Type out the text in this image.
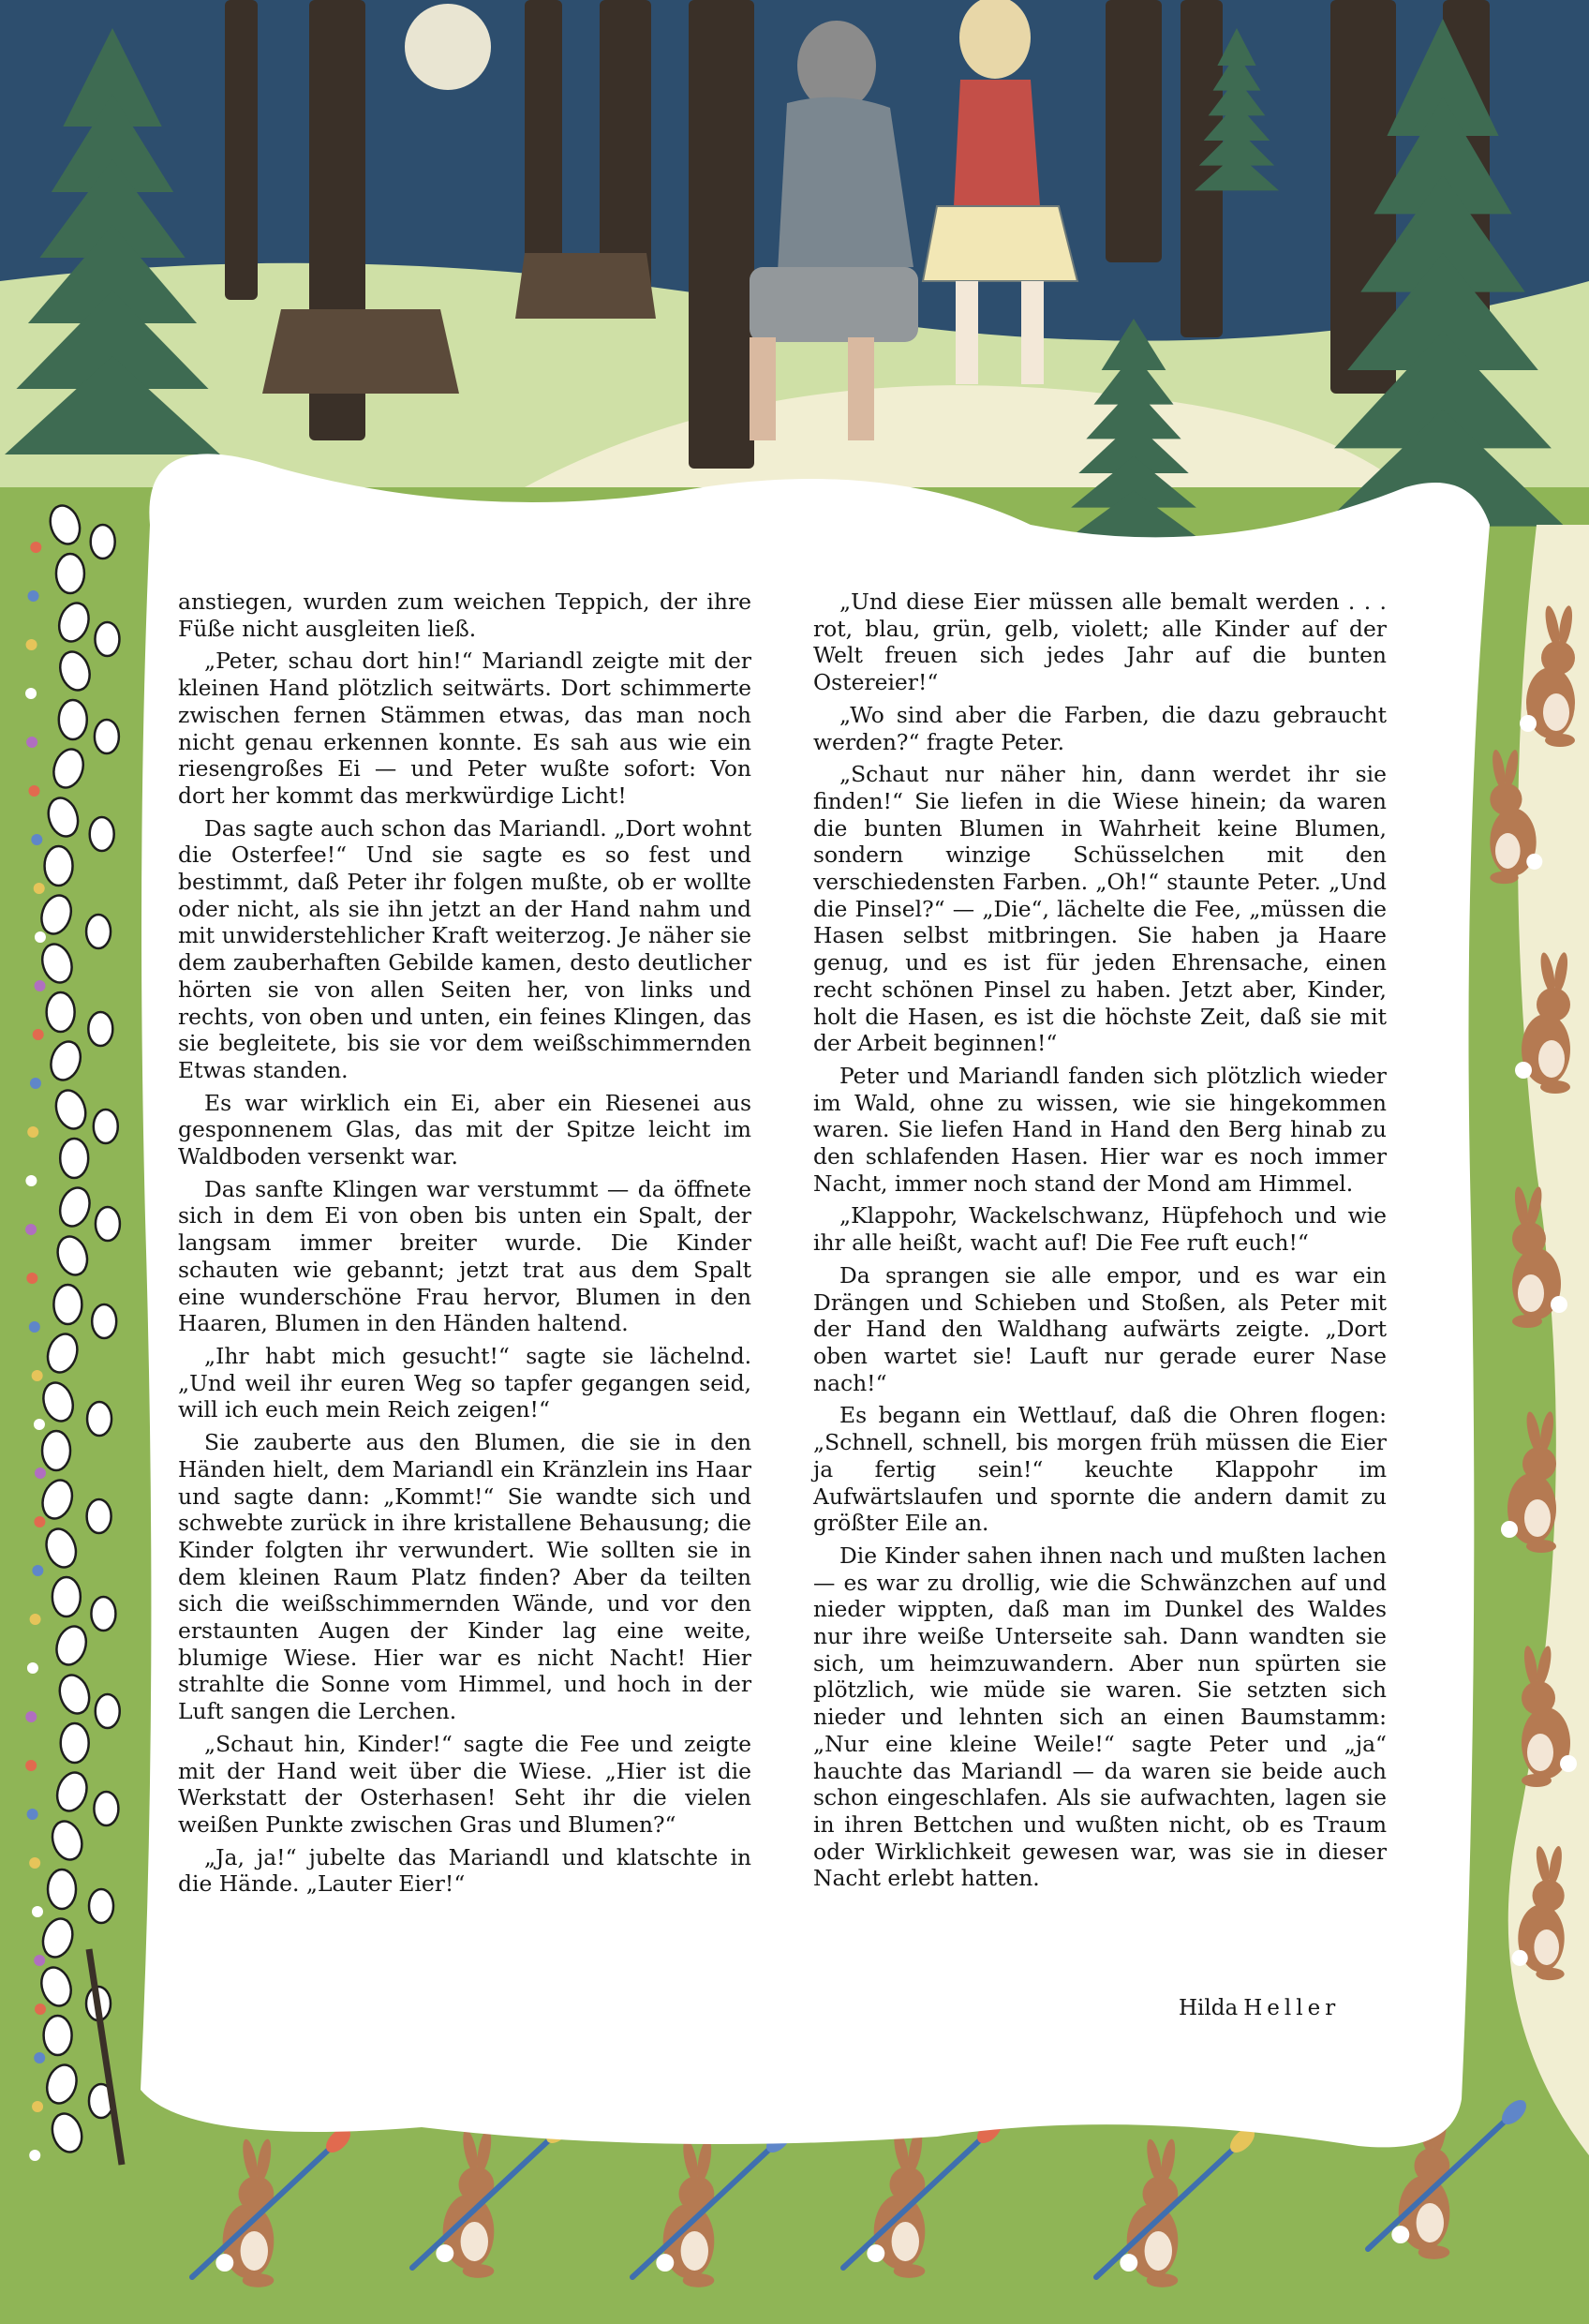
anstiegen, wurden zum weichen Teppich, der ihre Füße nicht ausgleiten ließ.

„Peter, schau dort hin!“ Mariandl zeigte mit der kleinen Hand plötzlich seitwärts. Dort schimmerte zwischen fernen Stämmen etwas, das man noch nicht genau erkennen konnte. Es sah aus wie ein riesengroßes Ei — und Peter wußte sofort: Von dort her kommt das merkwürdige Licht!

Das sagte auch schon das Mariandl. „Dort wohnt die Osterfee!“ Und sie sagte es so fest und bestimmt, daß Peter ihr folgen mußte, ob er wollte oder nicht, als sie ihn jetzt an der Hand nahm und mit unwiderstehlicher Kraft weiterzog. Je näher sie dem zauberhaften Gebilde kamen, desto deutlicher hörten sie von allen Seiten her, von links und rechts, von oben und unten, ein feines Klingen, das sie begleitete, bis sie vor dem weißschimmernden Etwas standen.

Es war wirklich ein Ei, aber ein Riesenei aus gesponnenem Glas, das mit der Spitze leicht im Waldboden versenkt war.

Das sanfte Klingen war verstummt — da öffnete sich in dem Ei von oben bis unten ein Spalt, der langsam immer breiter wurde. Die Kinder schauten wie gebannt; jetzt trat aus dem Spalt eine wunderschöne Frau hervor, Blumen in den Haaren, Blumen in den Händen haltend.

„Ihr habt mich gesucht!“ sagte sie lächelnd. „Und weil ihr euren Weg so tapfer gegangen seid, will ich euch mein Reich zeigen!“

Sie zauberte aus den Blumen, die sie in den Händen hielt, dem Mariandl ein Kränzlein ins Haar und sagte dann: „Kommt!“ Sie wandte sich und schwebte zurück in ihre kristallene Behausung; die Kinder folgten ihr verwundert. Wie sollten sie in dem kleinen Raum Platz finden? Aber da teilten sich die weißschimmernden Wände, und vor den erstaunten Augen der Kinder lag eine weite, blumige Wiese. Hier war es nicht Nacht! Hier strahlte die Sonne vom Himmel, und hoch in der Luft sangen die Lerchen.

„Schaut hin, Kinder!“ sagte die Fee und zeigte mit der Hand weit über die Wiese. „Hier ist die Werkstatt der Osterhasen! Seht ihr die vielen weißen Punkte zwischen Gras und Blumen?“

„Ja, ja!“ jubelte das Mariandl und klatschte in die Hände. „Lauter Eier!“

„Und diese Eier müssen alle bemalt werden . . . rot, blau, grün, gelb, violett; alle Kinder auf der Welt freuen sich jedes Jahr auf die bunten Ostereier!“

„Wo sind aber die Farben, die dazu gebraucht werden?“ fragte Peter.

„Schaut nur näher hin, dann werdet ihr sie finden!“ Sie liefen in die Wiese hinein; da waren die bunten Blumen in Wahrheit keine Blumen, sondern winzige Schüsselchen mit den verschiedensten Farben. „Oh!“ staunte Peter. „Und die Pinsel?“ — „Die“, lächelte die Fee, „müssen die Hasen selbst mitbringen. Sie haben ja Haare genug, und es ist für jeden Ehrensache, einen recht schönen Pinsel zu haben. Jetzt aber, Kinder, holt die Hasen, es ist die höchste Zeit, daß sie mit der Arbeit beginnen!“

Peter und Mariandl fanden sich plötzlich wieder im Wald, ohne zu wissen, wie sie hingekommen waren. Sie liefen Hand in Hand den Berg hinab zu den schlafenden Hasen. Hier war es noch immer Nacht, immer noch stand der Mond am Himmel.

„Klappohr, Wackelschwanz, Hüpfehoch und wie ihr alle heißt, wacht auf! Die Fee ruft euch!“

Da sprangen sie alle empor, und es war ein Drängen und Schieben und Stoßen, als Peter mit der Hand den Waldhang aufwärts zeigte. „Dort oben wartet sie! Lauft nur gerade eurer Nase nach!“

Es begann ein Wettlauf, daß die Ohren flogen: „Schnell, schnell, bis morgen früh müssen die Eier ja fertig sein!“ keuchte Klappohr im Aufwärtslaufen und spornte die andern damit zu größter Eile an.

Die Kinder sahen ihnen nach und mußten lachen — es war zu drollig, wie die Schwänzchen auf und nieder wippten, daß man im Dunkel des Waldes nur ihre weiße Unterseite sah. Dann wandten sie sich, um heimzuwandern. Aber nun spürten sie plötzlich, wie müde sie waren. Sie setzten sich nieder und lehnten sich an einen Baumstamm: „Nur eine kleine Weile!“ sagte Peter und „ja“ hauchte das Mariandl — da waren sie beide auch schon eingeschlafen. Als sie aufwachten, lagen sie in ihren Bettchen und wußten nicht, ob es Traum oder Wirklichkeit gewesen war, was sie in dieser Nacht erlebt hatten.

Hilda Heller
